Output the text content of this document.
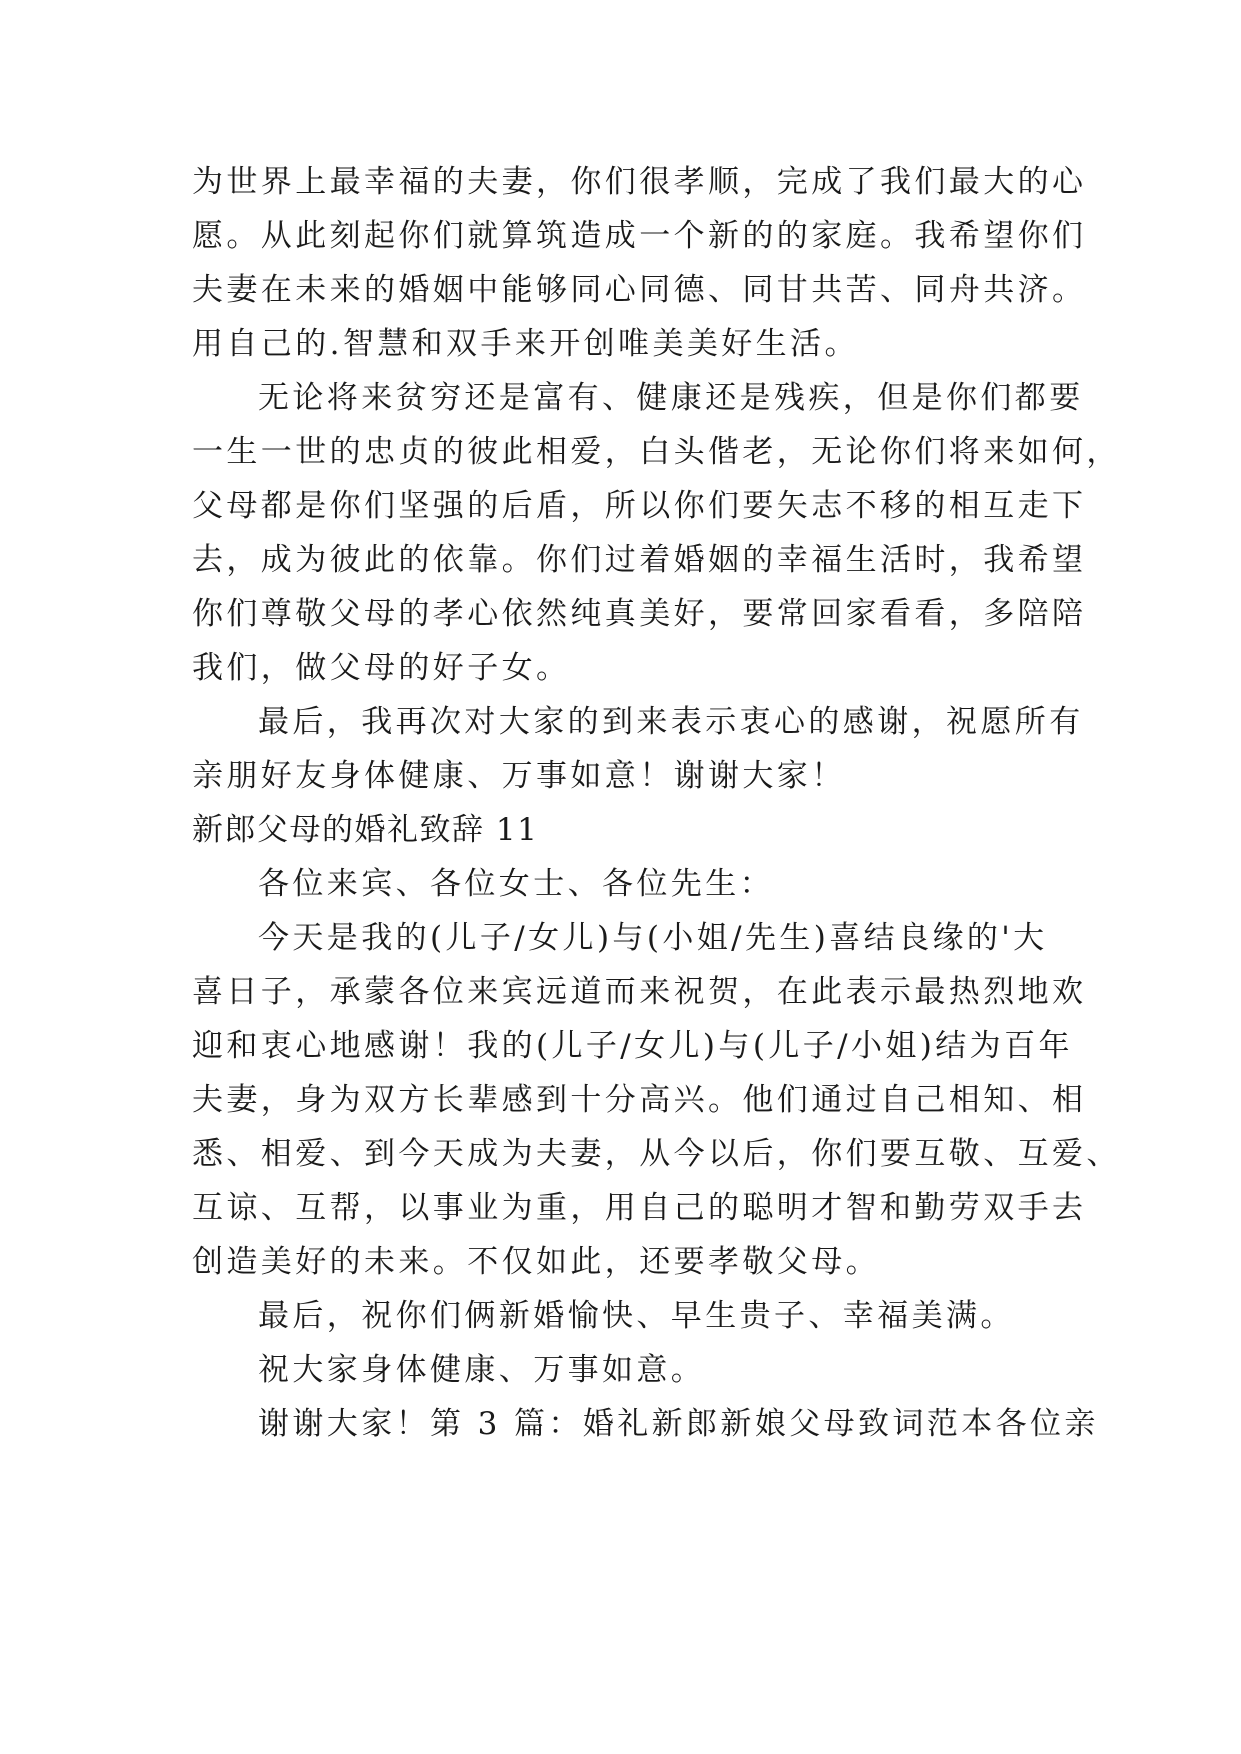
为世界上最幸福的夫妻，你们很孝顺，完成了我们最大的心
愿。从此刻起你们就算筑造成一个新的的家庭。我希望你们
夫妻在未来的婚姻中能够同心同德、同甘共苦、同舟共济。
用自己的.智慧和双手来开创唯美美好生活。
无论将来贫穷还是富有、健康还是残疾，但是你们都要
一生一世的忠贞的彼此相爱，白头偕老，无论你们将来如何，
父母都是你们坚强的后盾，所以你们要矢志不移的相互走下
去，成为彼此的依靠。你们过着婚姻的幸福生活时，我希望
你们尊敬父母的孝心依然纯真美好，要常回家看看，多陪陪
我们，做父母的好子女。
最后，我再次对大家的到来表示衷心的感谢，祝愿所有
亲朋好友身体健康、万事如意！谢谢大家！
新郎父母的婚礼致辞 11
各位来宾、各位女士、各位先生：
今天是我的(儿子/女儿)与(小姐/先生)喜结良缘的'大
喜日子，承蒙各位来宾远道而来祝贺，在此表示最热烈地欢
迎和衷心地感谢！我的(儿子/女儿)与(儿子/小姐)结为百年
夫妻，身为双方长辈感到十分高兴。他们通过自己相知、相
悉、相爱、到今天成为夫妻，从今以后，你们要互敬、互爱、
互谅、互帮，以事业为重，用自己的聪明才智和勤劳双手去
创造美好的未来。不仅如此，还要孝敬父母。
最后，祝你们俩新婚愉快、早生贵子、幸福美满。
祝大家身体健康、万事如意。
谢谢大家！第 3 篇：婚礼新郎新娘父母致词范本各位亲
